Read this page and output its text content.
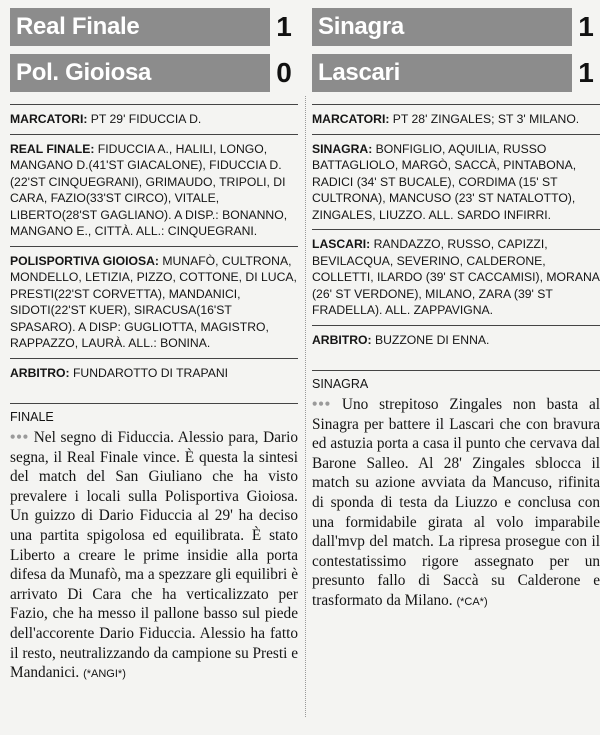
Real Finale	1
Pol. Gioiosa	0
MARCATORI: PT 29' FIDUCCIA D.
REAL FINALE: FIDUCCIA A., HALILI, LONGO, MANGANO D.(41'ST GIACALONE), FIDUCCIA D.(22'ST CINQUEGRANI), GRIMAUDO, TRIPOLI, DI CARA, FAZIO(33'ST CIRCO), VITALE, LIBERTO(28'ST GAGLIANO). A DISP.: BONANNO, MANGANO E., CITTÀ. ALL.: CINQUEGRANI.
POLISPORTIVA GIOIOSA: MUNAFÒ, CULTRONA, MONDELLO, LETIZIA, PIZZO, COTTONE, DI LUCA, PRESTI(22'ST CORVETTA), MANDANICI, SIDOTI(22'ST KUER), SIRACUSA(16'ST SPASARO). A DISP: GUGLIOTTA, MAGISTRO, RAPPAZZO, LAURÀ. ALL.: BONINA.
ARBITRO: FUNDAROTTO DI TRAPANI
FINALE
••• Nel segno di Fiduccia. Alessio para, Dario segna, il Real Finale vince. È questa la sintesi del match del San Giuliano che ha visto prevalere i locali sulla Polisportiva Gioiosa. Un guizzo di Dario Fiduccia al 29' ha deciso una partita spigolosa ed equilibrata. È stato Liberto a creare le prime insidie alla porta difesa da Munafò, ma a spezzare gli equilibri è arrivato Di Cara che ha verticalizzato per Fazio, che ha messo il pallone basso sul piede dell'accorente Dario Fiduccia. Alessio ha fatto il resto, neutralizzando da campione su Presti e Mandanici. (*ANGI*)
Sinagra	1
Lascari	1
MARCATORI: PT 28' ZINGALES; ST 3' MILANO.
SINAGRA: BONFIGLIO, AQUILIA, RUSSO BATTAGLIOLO, MARGÒ, SACCÀ, PINTABONA, RADICI (34' ST BUCALE), CORDIMA (15' ST CULTRONA), MANCUSO (23' ST NATALOTTO), ZINGALES, LIUZZO. ALL. SARDO INFIRRI.
LASCARI: RANDAZZO, RUSSO, CAPIZZI, BEVILACQUA, SEVERINO, CALDERONE, COLLETTI, ILARDO (39' ST CACCAMISI), MORANA (26' ST VERDONE), MILANO, ZARA (39' ST FRADELLA). ALL. ZAPPAVIGNA.
ARBITRO: BUZZONE DI ENNA.
SINAGRA
••• Uno strepitoso Zingales non basta al Sinagra per battere il Lascari che con bravura ed astuzia porta a casa il punto che cervava dal Barone Salleo. Al 28' Zingales sblocca il match su azione avviata da Mancuso, rifinita di sponda di testa da Liuzzo e conclusa con una formidabile girata al volo imparabile dall'mvp del match. La ripresa prosegue con il contestatissimo rigore assegnato per un presunto fallo di Saccà su Calderone e trasformato da Milano. (*CA*)
